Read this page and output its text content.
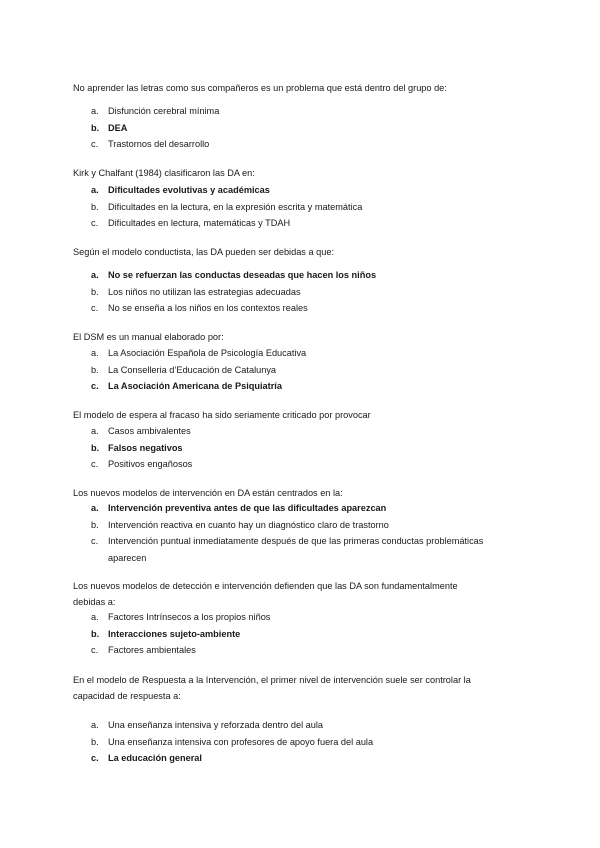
No aprender las letras como sus compañeros es un problema que está dentro del grupo de:
a. Disfunción cerebral mínima
b. DEA
c. Trastornos del desarrollo
Kirk y Chalfant (1984) clasificaron las DA en:
a. Dificultades evolutivas y académicas
b. Dificultades en la lectura, en la expresión escrita y matemática
c. Dificultades en lectura, matemáticas y TDAH
Según el modelo conductista, las DA pueden ser debidas a que:
a. No se refuerzan las conductas deseadas que hacen los niños
b. Los niños no utilizan las estrategias adecuadas
c. No se enseña a los niños en los contextos reales
El DSM es un manual elaborado por:
a. La Asociación Española de Psicología Educativa
b. La Conselleria d’Educación de Catalunya
c. La Asociación Americana de Psiquiatría
El modelo de espera al fracaso ha sido seriamente criticado por provocar
a. Casos ambivalentes
b. Falsos negativos
c. Positivos engañosos
Los nuevos modelos de intervención en DA están centrados en la:
a. Intervención preventiva antes de que las dificultades aparezcan
b. Intervención reactiva en cuanto hay un diagnóstico claro de trastorno
c. Intervención puntual inmediatamente después de que las primeras conductas problemáticas
aparecen
Los nuevos modelos de detección e intervención defienden que las DA son fundamentalmente
debidas a:
a. Factores Intrínsecos a los propios niños
b. Interacciones sujeto-ambiente
c. Factores ambientales
En el modelo de Respuesta a la Intervención, el primer nivel de intervención suele ser controlar la
capacidad de respuesta a:
a. Una enseñanza intensiva y reforzada dentro del aula
b. Una enseñanza intensiva con profesores de apoyo fuera del aula
c. La educación general
